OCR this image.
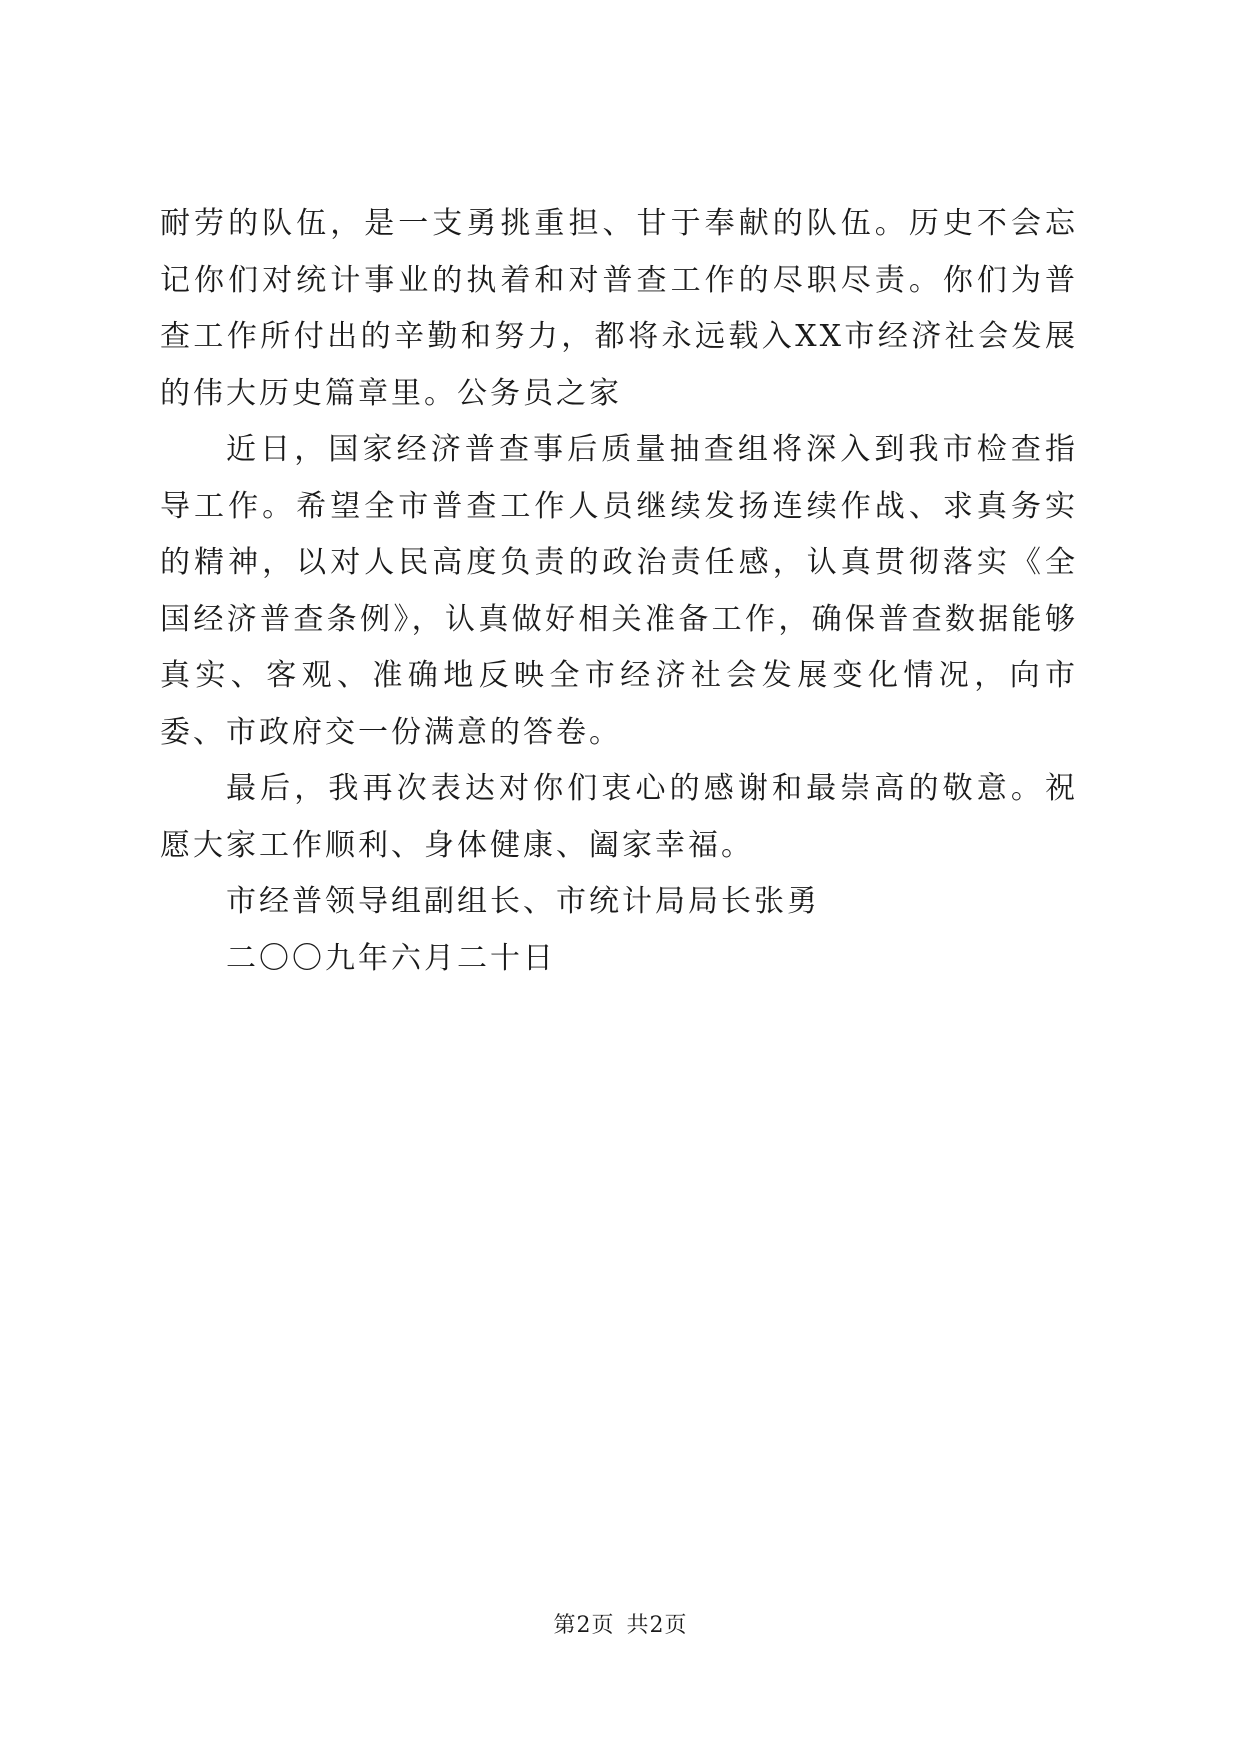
耐劳的队伍，是一支勇挑重担、甘于奉献的队伍。历史不会忘记你们对统计事业的执着和对普查工作的尽职尽责。你们为普查工作所付出的辛勤和努力，都将永远载入XX市经济社会发展的伟大历史篇章里。公务员之家

近日，国家经济普查事后质量抽查组将深入到我市检查指导工作。希望全市普查工作人员继续发扬连续作战、求真务实的精神，以对人民高度负责的政治责任感，认真贯彻落实《全国经济普查条例》，认真做好相关准备工作，确保普查数据能够真实、客观、准确地反映全市经济社会发展变化情况，向市委、市政府交一份满意的答卷。

最后，我再次表达对你们衷心的感谢和最崇高的敬意。祝愿大家工作顺利、身体健康、阖家幸福。

市经普领导组副组长、市统计局局长张勇

二〇〇九年六月二十日

第2页 共2页
